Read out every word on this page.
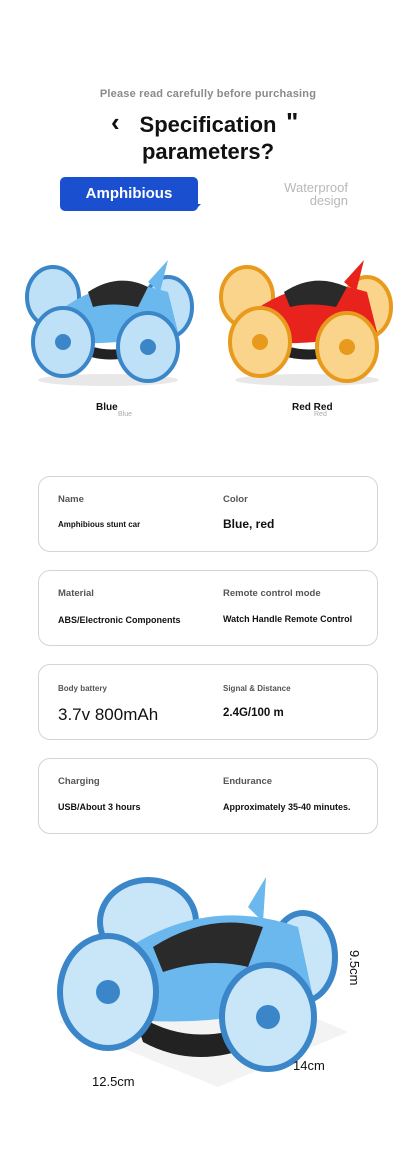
Please read carefully before purchasing
‹ Specification
parameters?
"
Amphibious	Waterproof
design
Blue
Blue
Red Red
Red
Name
Amphibious stunt car
Color
Blue, red
Material
ABS/Electronic Components
Remote control mode
Watch Handle Remote Control
Body battery
3.7v 800mAh
Signal & Distance
2.4G/100 m
Charging
USB/About 3 hours
Endurance
Approximately 35-40 minutes.
12.5cm
14cm
9.5cm
